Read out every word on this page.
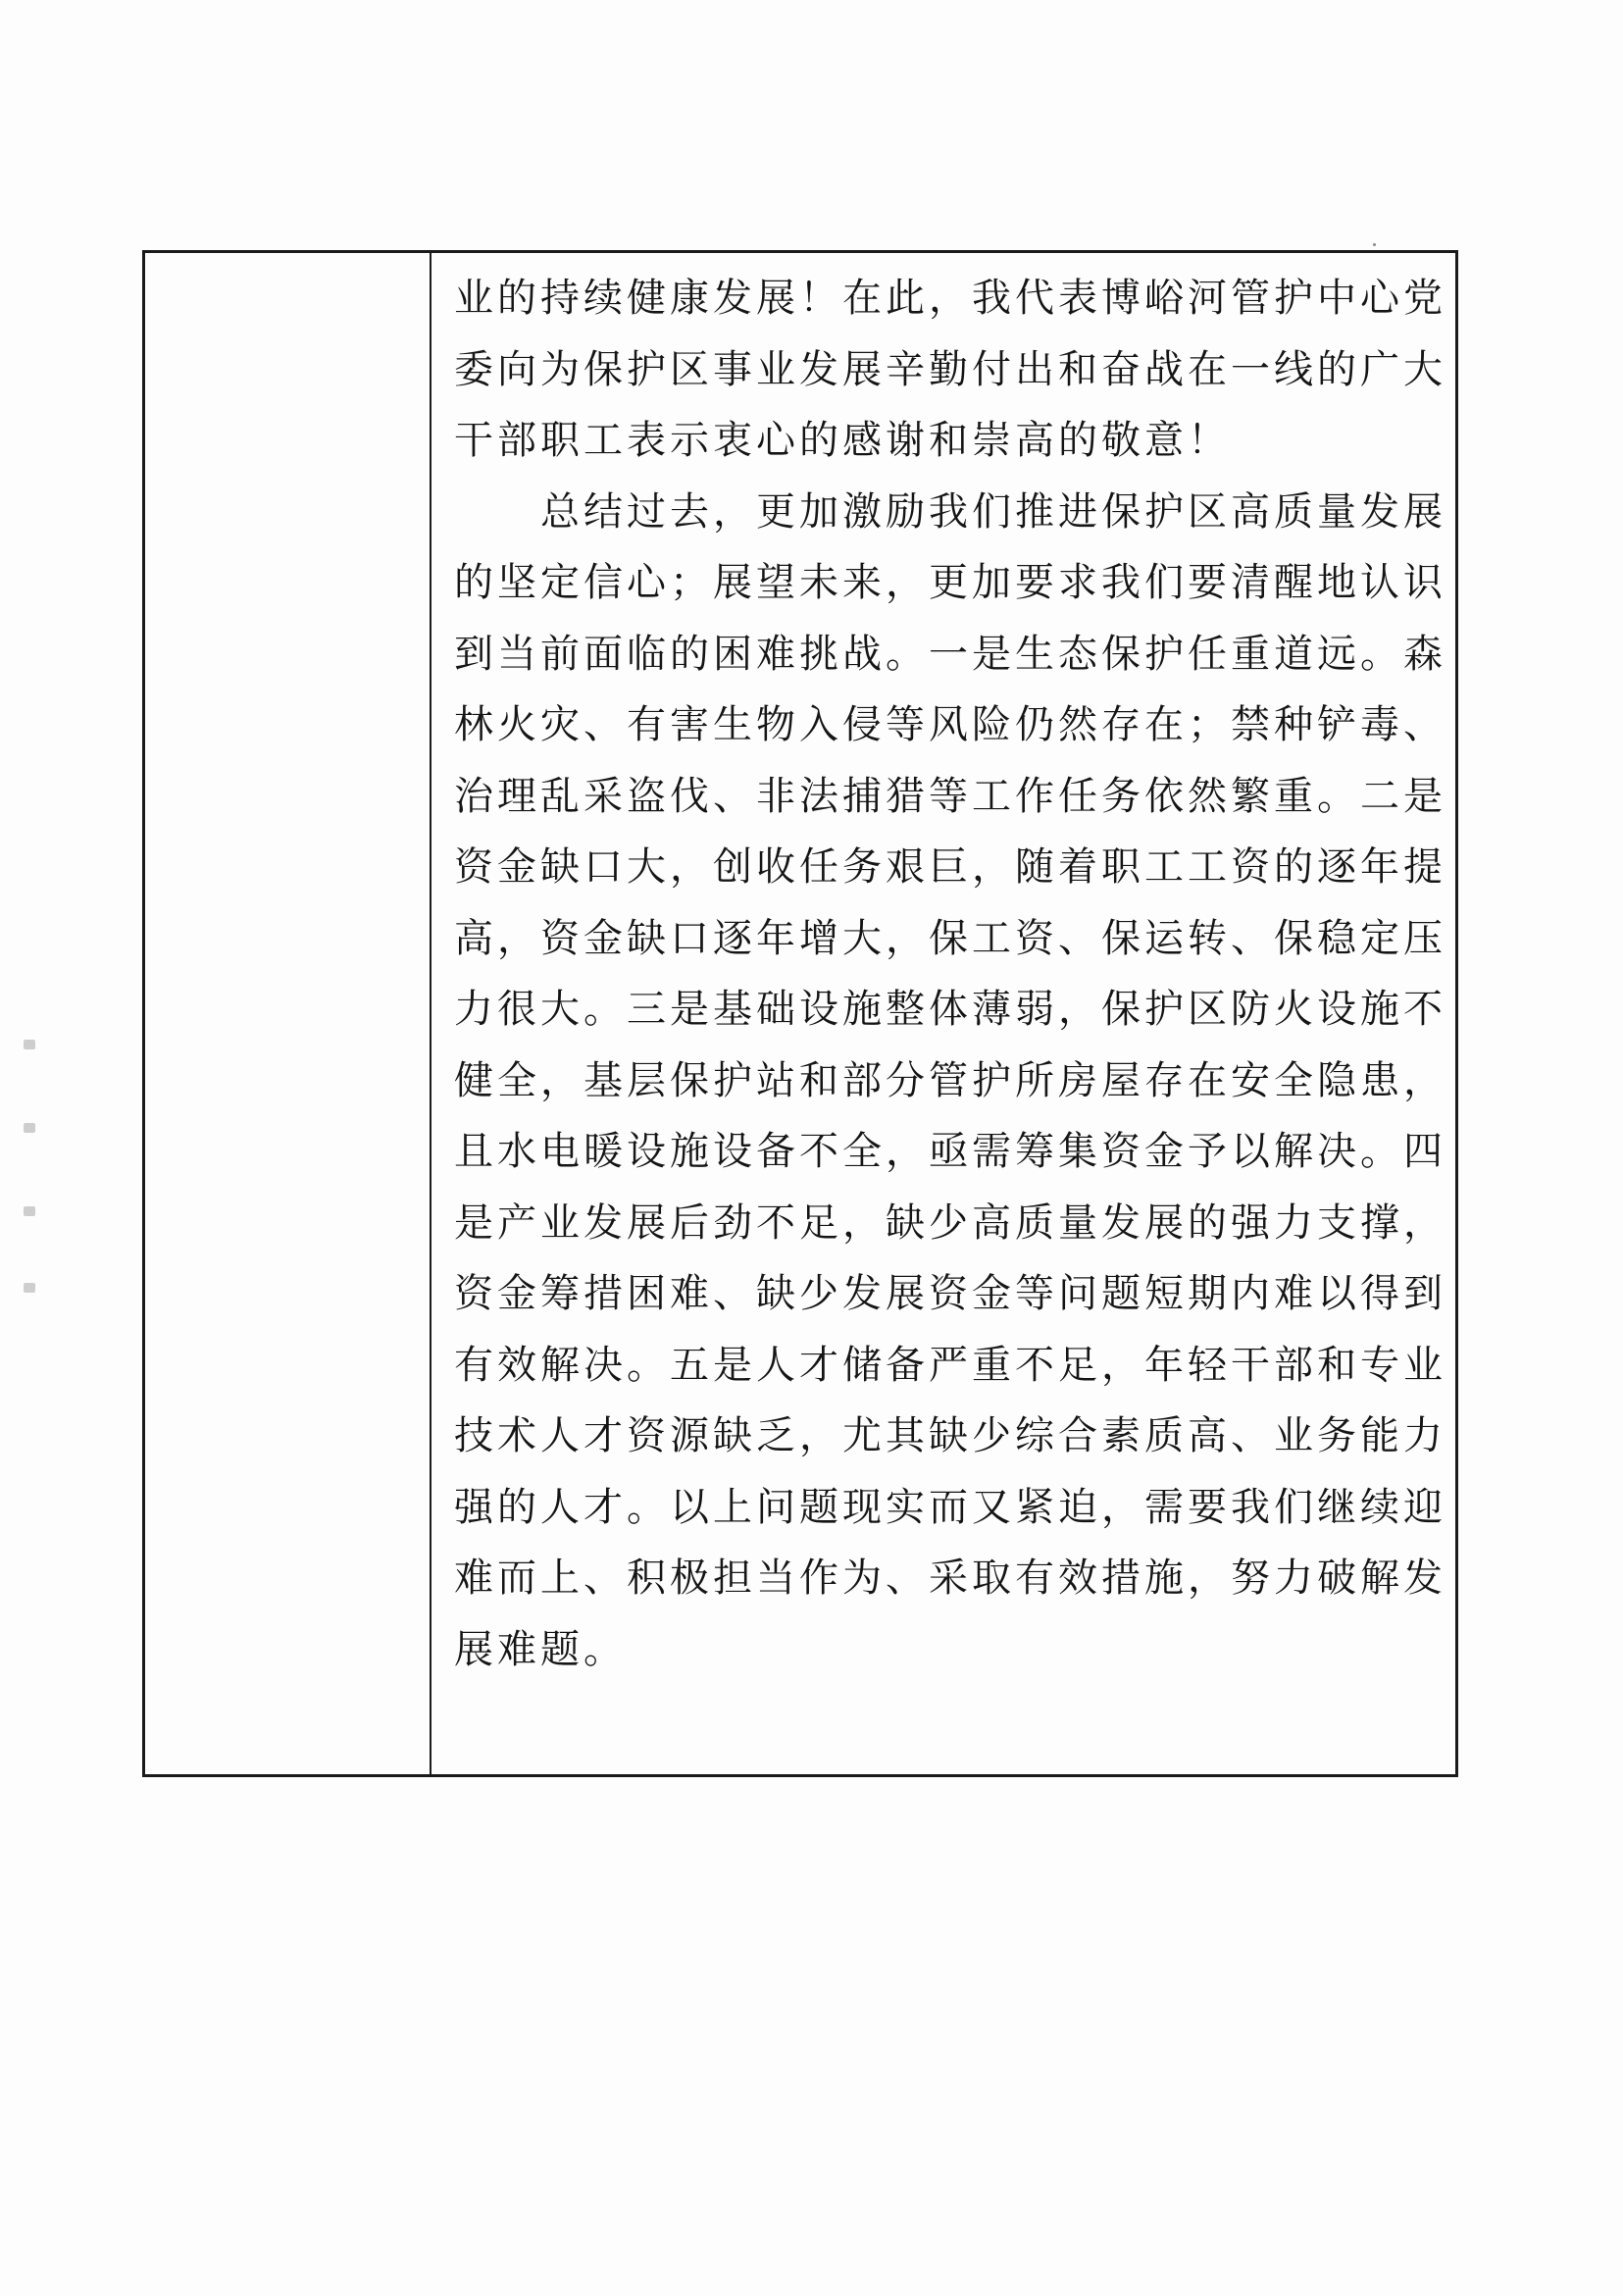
业的持续健康发展！在此，我代表博峪河管护中心党
委向为保护区事业发展辛勤付出和奋战在一线的广大
干部职工表示衷心的感谢和崇高的敬意！
　　总结过去，更加激励我们推进保护区高质量发展
的坚定信心；展望未来，更加要求我们要清醒地认识
到当前面临的困难挑战。一是生态保护任重道远。森
林火灾、有害生物入侵等风险仍然存在；禁种铲毒、
治理乱采盗伐、非法捕猎等工作任务依然繁重。二是
资金缺口大，创收任务艰巨，随着职工工资的逐年提
高，资金缺口逐年增大，保工资、保运转、保稳定压
力很大。三是基础设施整体薄弱，保护区防火设施不
健全，基层保护站和部分管护所房屋存在安全隐患，
且水电暖设施设备不全，亟需筹集资金予以解决。四
是产业发展后劲不足，缺少高质量发展的强力支撑，
资金筹措困难、缺少发展资金等问题短期内难以得到
有效解决。五是人才储备严重不足，年轻干部和专业
技术人才资源缺乏，尤其缺少综合素质高、业务能力
强的人才。以上问题现实而又紧迫，需要我们继续迎
难而上、积极担当作为、采取有效措施，努力破解发
展难题。
